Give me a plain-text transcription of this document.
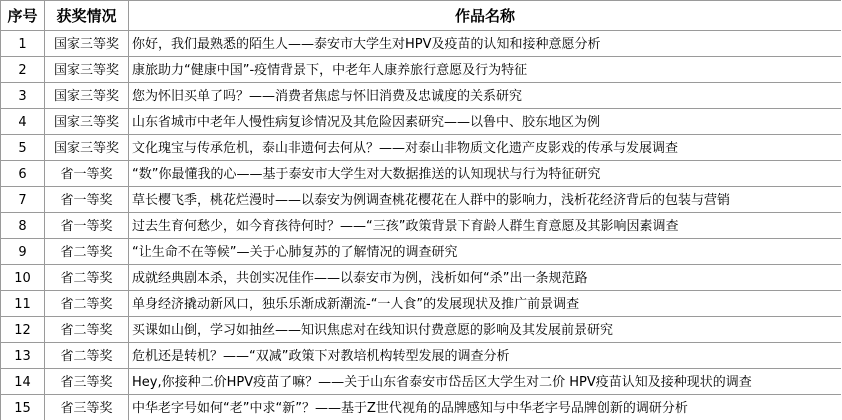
序号	获奖情况	作品名称
1	国家三等奖	你好，我们最熟悉的陌生人——泰安市大学生对HPV及疫苗的认知和接种意愿分析
2	国家三等奖	康旅助力“健康中国”-疫情背景下，中老年人康养旅行意愿及行为特征
3	国家三等奖	您为怀旧买单了吗？——消费者焦虑与怀旧消费及忠诚度的关系研究
4	国家三等奖	山东省城市中老年人慢性病复诊情况及其危险因素研究——以鲁中、胶东地区为例
5	国家三等奖	文化瑰宝与传承危机，泰山非遗何去何从？——对泰山非物质文化遗产皮影戏的传承与发展调查
6	省一等奖	“数”你最懂我的心——基于泰安市大学生对大数据推送的认知现状与行为特征研究
7	省一等奖	草长樱飞季，桃花烂漫时——以泰安为例调查桃花樱花在人群中的影响力，浅析花经济背后的包装与营销
8	省一等奖	过去生育何愁少，如今育孩待何时？——“三孩”政策背景下育龄人群生育意愿及其影响因素调查
9	省二等奖	“让生命不在等候”—关于心肺复苏的了解情况的调查研究
10	省二等奖	成就经典剧本杀，共创实况佳作——以泰安市为例，浅析如何“杀”出一条规范路
11	省二等奖	单身经济撬动新风口，独乐乐渐成新潮流-“一人食”的发展现状及推广前景调查
12	省二等奖	买课如山倒，学习如抽丝——知识焦虑对在线知识付费意愿的影响及其发展前景研究
13	省二等奖	危机还是转机？——“双减”政策下对教培机构转型发展的调查分析
14	省三等奖	Hey,你接种二价HPV疫苗了嘛？——关于山东省泰安市岱岳区大学生对二价 HPV疫苗认知及接种现状的调查
15	省三等奖	中华老字号如何“老”中求“新”？——基于Z世代视角的品牌感知与中华老字号品牌创新的调研分析
